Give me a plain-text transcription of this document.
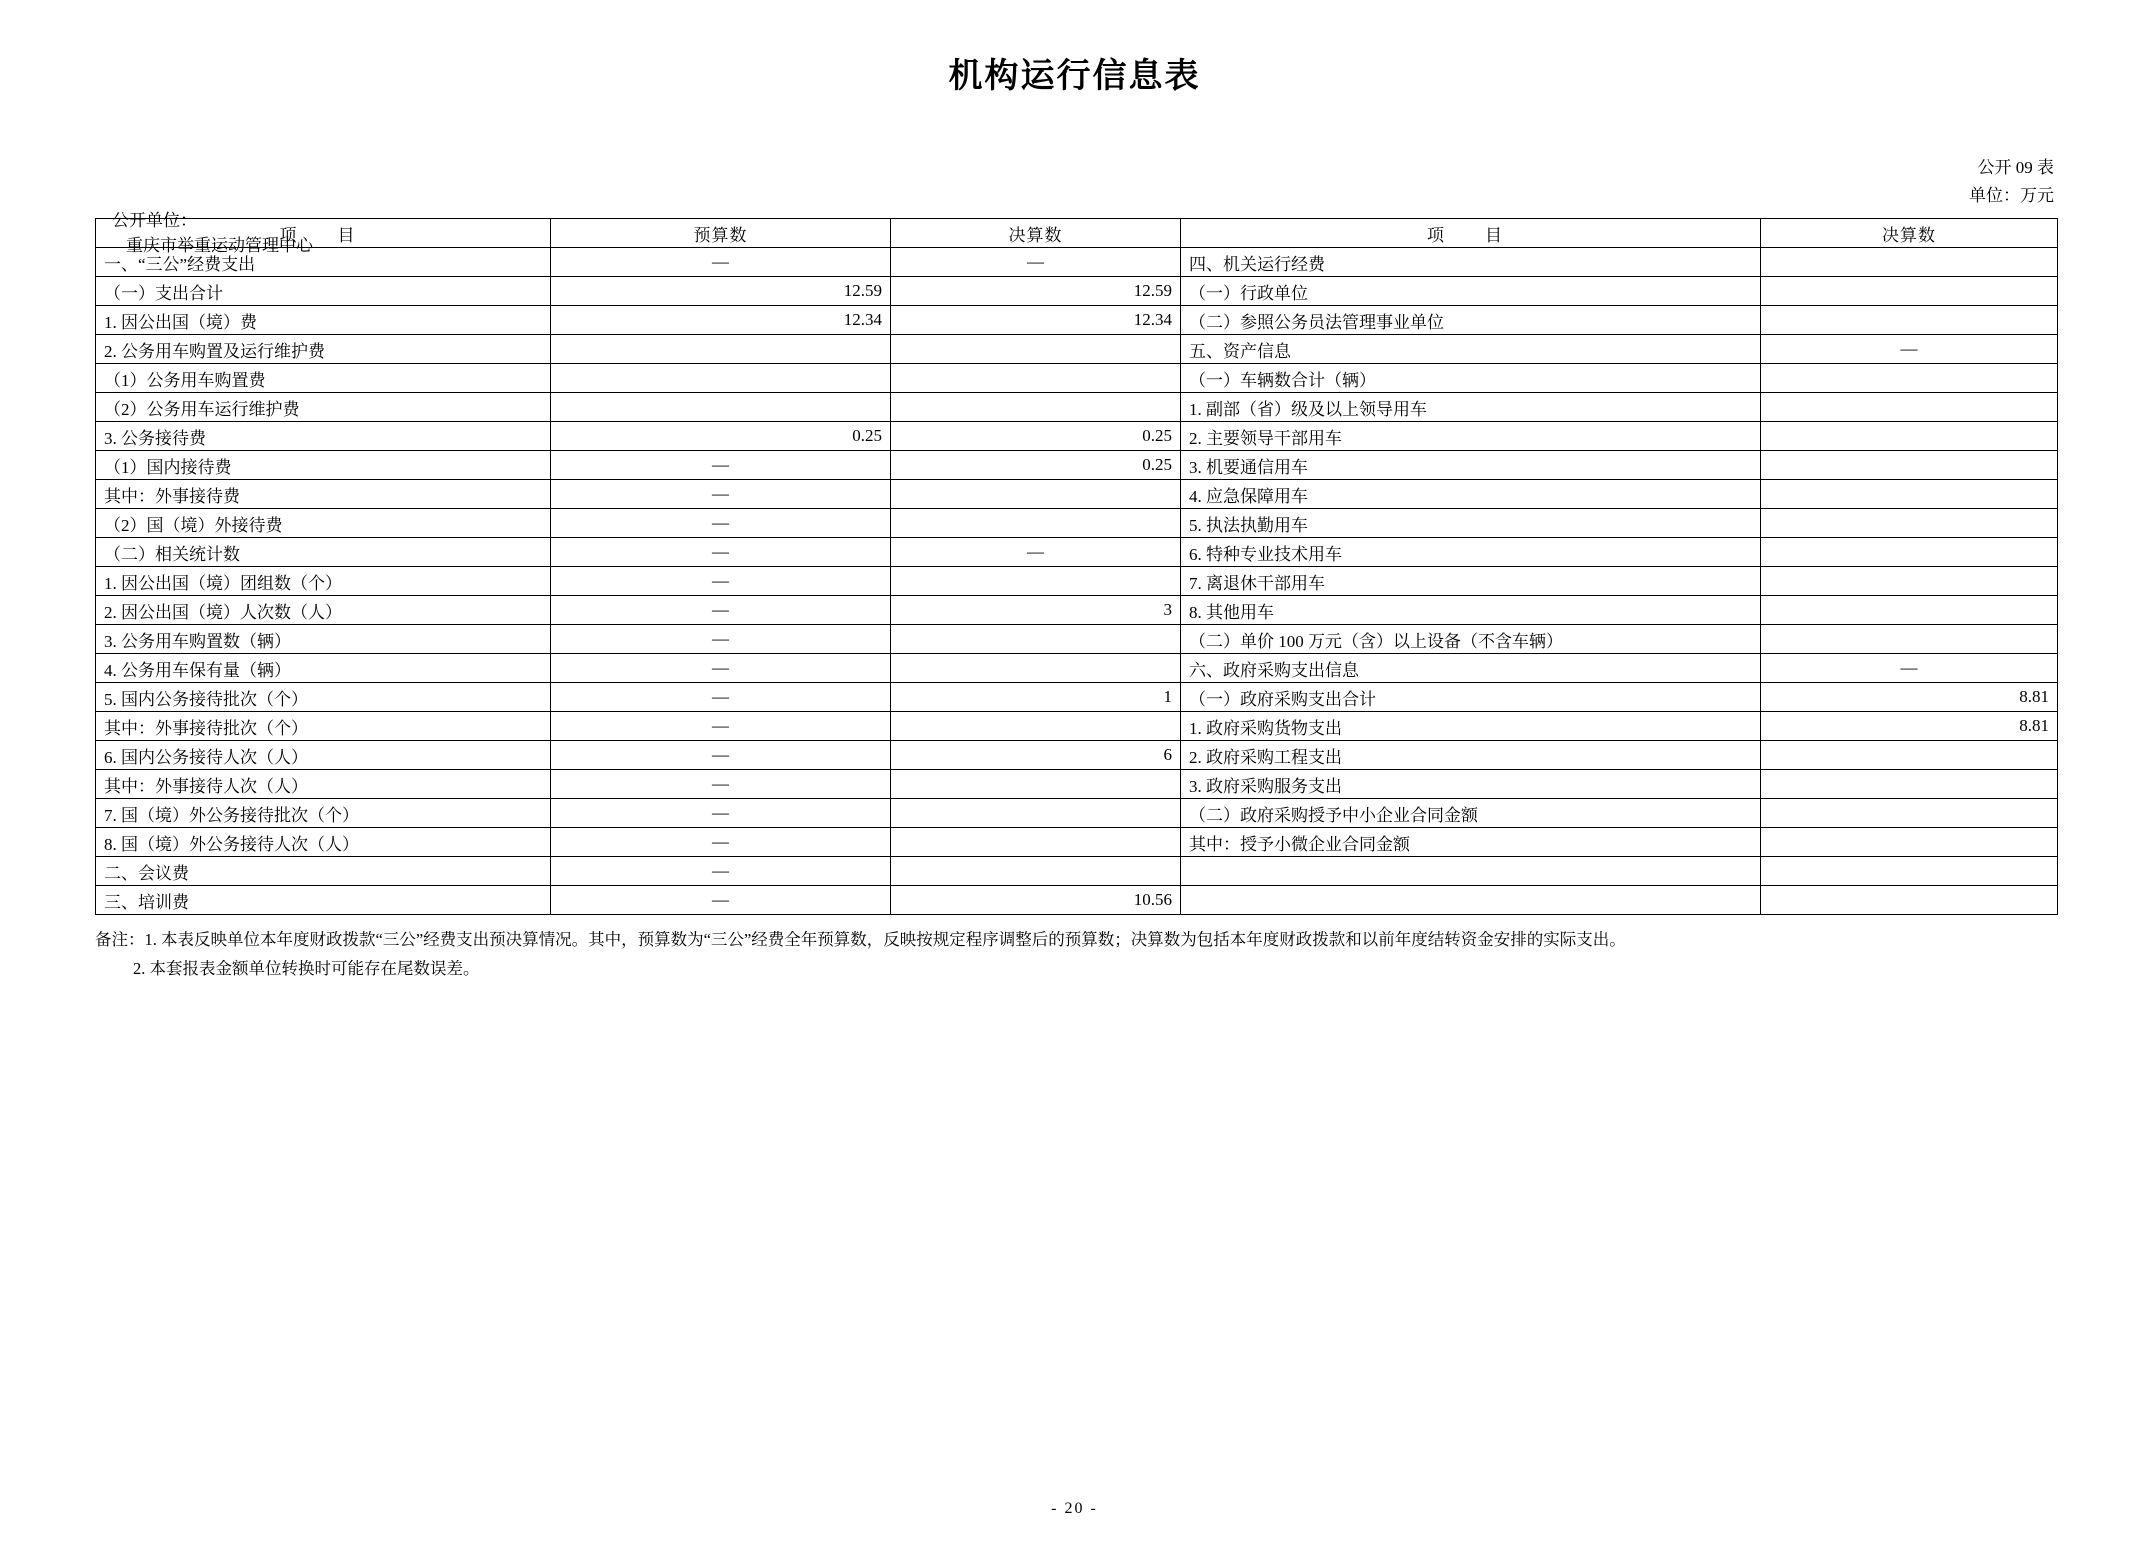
机构运行信息表
公开 09 表
单位：万元

公开单位：
重庆市举重运动管理中心

项　目	预算数	决算数	项　目	决算数
一、“三公”经费支出	—	—	四、机关运行经费	
（一）支出合计	12.59	12.59	（一）行政单位	
1. 因公出国（境）费	12.34	12.34	（二）参照公务员法管理事业单位	
2. 公务用车购置及运行维护费			五、资产信息	—
（1）公务用车购置费			（一）车辆数合计（辆）	
（2）公务用车运行维护费			1. 副部（省）级及以上领导用车	
3. 公务接待费	0.25	0.25	2. 主要领导干部用车	
（1）国内接待费	—	0.25	3. 机要通信用车	
其中：外事接待费	—		4. 应急保障用车	
（2）国（境）外接待费	—		5. 执法执勤用车	
（二）相关统计数	—	—	6. 特种专业技术用车	
1. 因公出国（境）团组数（个）	—		7. 离退休干部用车	
2. 因公出国（境）人次数（人）	—	3	8. 其他用车	
3. 公务用车购置数（辆）	—		（二）单价 100 万元（含）以上设备（不含车辆）	
4. 公务用车保有量（辆）	—		六、政府采购支出信息	—
5. 国内公务接待批次（个）	—	1	（一）政府采购支出合计	8.81
其中：外事接待批次（个）	—		1. 政府采购货物支出	8.81
6. 国内公务接待人次（人）	—	6	2. 政府采购工程支出	
其中：外事接待人次（人）	—		3. 政府采购服务支出	
7. 国（境）外公务接待批次（个）	—		（二）政府采购授予中小企业合同金额	
8. 国（境）外公务接待人次（人）	—		其中：授予小微企业合同金额	
二、会议费	—			
三、培训费	—	10.56		
备注：1. 本表反映单位本年度财政拨款“三公”经费支出预决算情况。其中，预算数为“三公”经费全年预算数，反映按规定程序调整后的预算数；决算数为包括本年度财政拨款和以前年度结转资金安排的实际支出。
2. 本套报表金额单位转换时可能存在尾数误差。
- 20 -
